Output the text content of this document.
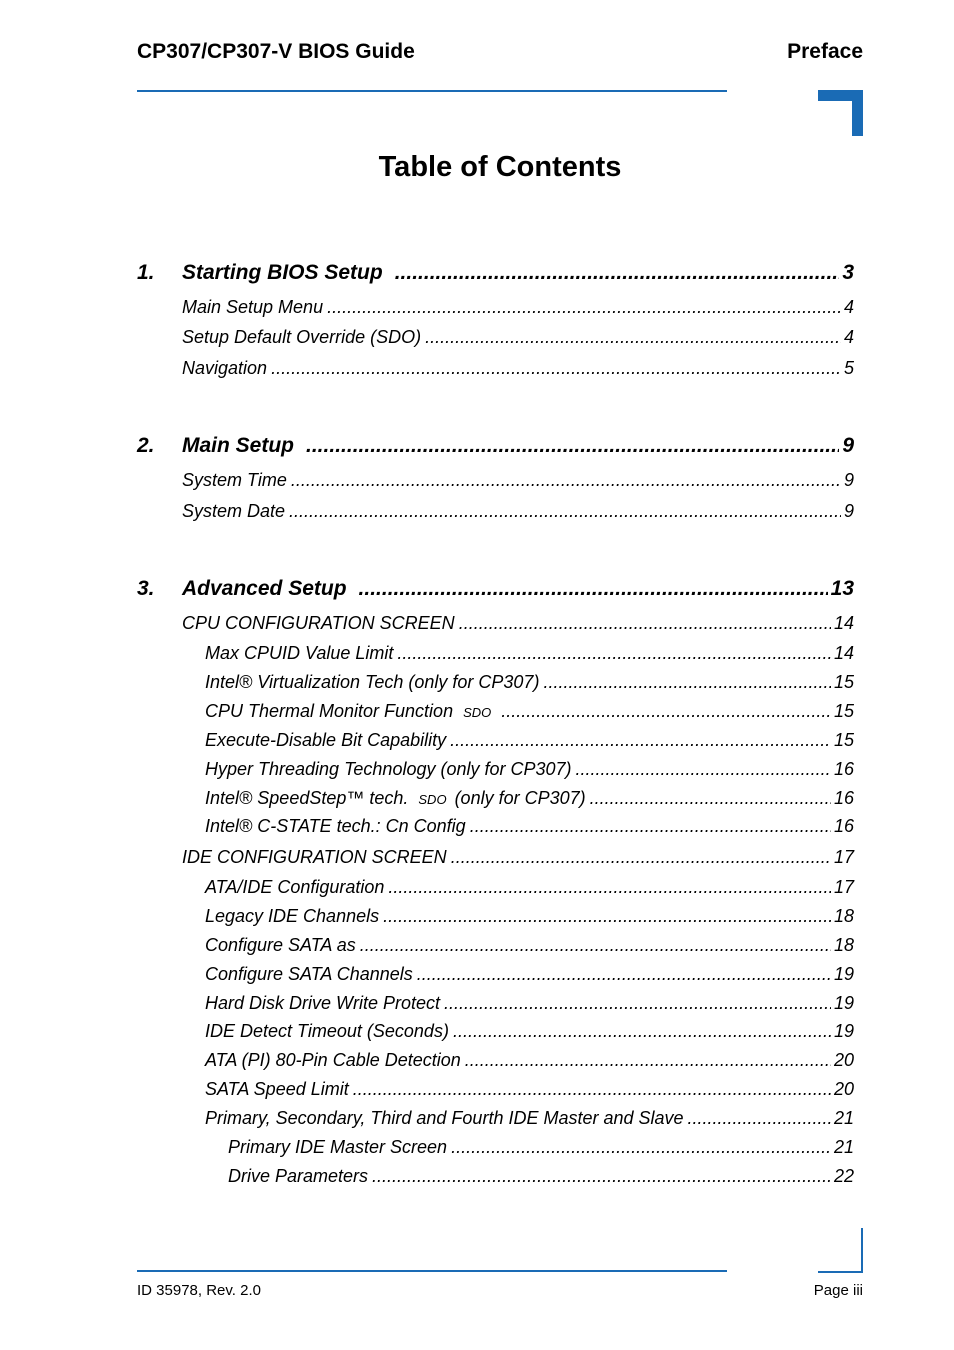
CP307/CP307-V BIOS Guide	Preface
Table of Contents
1. Starting BIOS Setup .....	3
Main Setup Menu .....	4
Setup Default Override (SDO) .....	4
Navigation .....	5
2. Main Setup .....	9
System Time .....	9
System Date .....	9
3. Advanced Setup .....	13
CPU CONFIGURATION SCREEN .....	14
Max CPUID Value Limit .....	14
Intel® Virtualization Tech (only for CP307) .....	15
CPU Thermal Monitor Function SDO .....	15
Execute-Disable Bit Capability .....	15
Hyper Threading Technology (only for CP307) .....	16
Intel® SpeedStep™ tech. SDO (only for CP307) .....	16
Intel® C-STATE tech.: Cn Config .....	16
IDE CONFIGURATION SCREEN .....	17
ATA/IDE Configuration .....	17
Legacy IDE Channels .....	18
Configure SATA as .....	18
Configure SATA Channels .....	19
Hard Disk Drive Write Protect .....	19
IDE Detect Timeout (Seconds) .....	19
ATA (PI) 80-Pin Cable Detection .....	20
SATA Speed Limit .....	20
Primary, Secondary, Third and Fourth IDE Master and Slave .....	21
Primary IDE Master Screen .....	21
Drive Parameters .....	22
ID 35978, Rev. 2.0	Page iii
